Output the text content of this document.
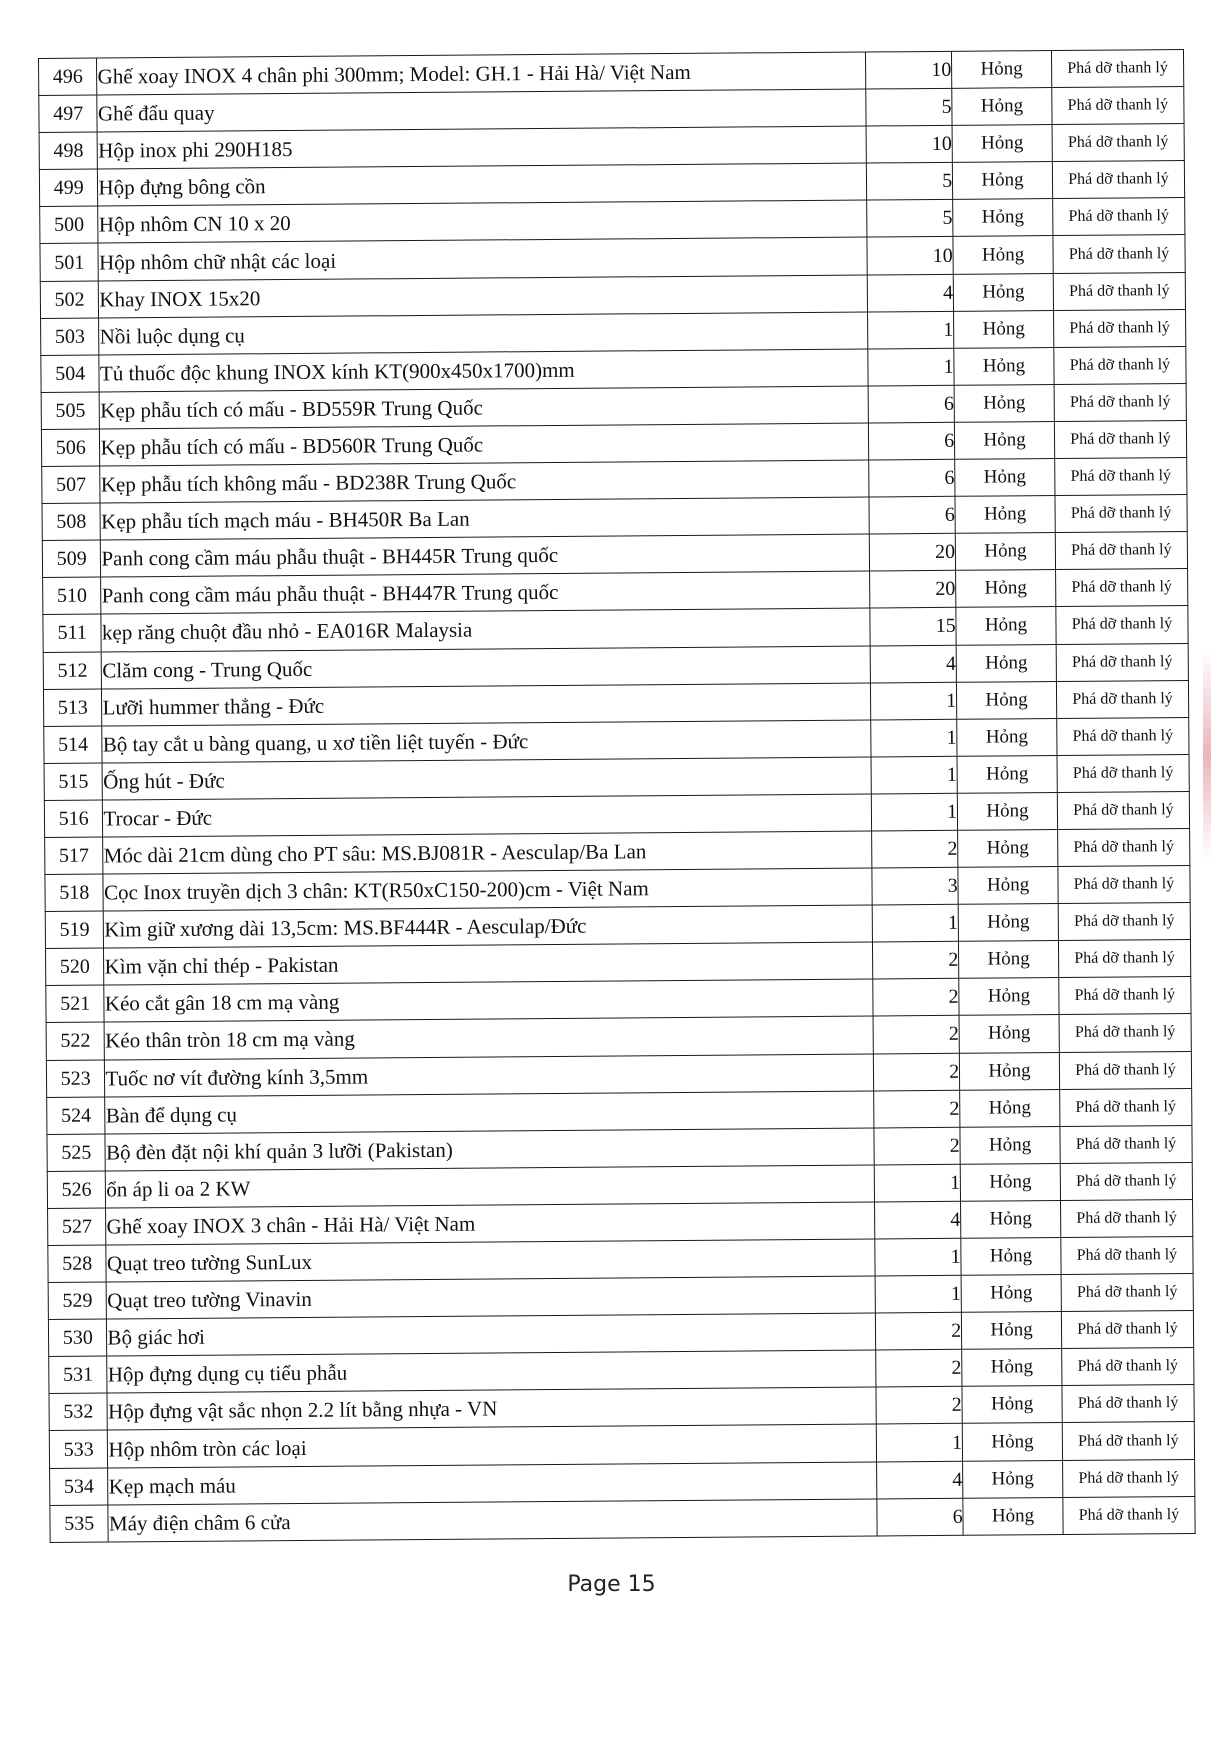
496	Ghế xoay INOX 4 chân phi 300mm; Model: GH.1 - Hải Hà/ Việt Nam	10	Hỏng	Phá dỡ thanh lý
497	Ghế đẩu quay	5	Hỏng	Phá dỡ thanh lý
498	Hộp inox phi 290H185	10	Hỏng	Phá dỡ thanh lý
499	Hộp đựng bông cồn	5	Hỏng	Phá dỡ thanh lý
500	Hộp nhôm CN 10 x 20	5	Hỏng	Phá dỡ thanh lý
501	Hộp nhôm chữ nhật các loại	10	Hỏng	Phá dỡ thanh lý
502	Khay INOX 15x20	4	Hỏng	Phá dỡ thanh lý
503	Nồi luộc dụng cụ	1	Hỏng	Phá dỡ thanh lý
504	Tủ thuốc độc khung INOX kính KT(900x450x1700)mm	1	Hỏng	Phá dỡ thanh lý
505	Kẹp phẫu tích có mấu - BD559R Trung Quốc	6	Hỏng	Phá dỡ thanh lý
506	Kẹp phẫu tích có mấu - BD560R Trung Quốc	6	Hỏng	Phá dỡ thanh lý
507	Kẹp phẫu tích không mấu - BD238R Trung Quốc	6	Hỏng	Phá dỡ thanh lý
508	Kẹp phẫu tích mạch máu - BH450R Ba Lan	6	Hỏng	Phá dỡ thanh lý
509	Panh cong cầm máu phẫu thuật - BH445R Trung quốc	20	Hỏng	Phá dỡ thanh lý
510	Panh cong cầm máu phẫu thuật - BH447R Trung quốc	20	Hỏng	Phá dỡ thanh lý
511	kẹp răng chuột đầu nhỏ - EA016R Malaysia	15	Hỏng	Phá dỡ thanh lý
512	Clăm cong - Trung Quốc	4	Hỏng	Phá dỡ thanh lý
513	Lưỡi hummer thẳng - Đức	1	Hỏng	Phá dỡ thanh lý
514	Bộ tay cắt u bàng quang, u xơ tiền liệt tuyến - Đức	1	Hỏng	Phá dỡ thanh lý
515	Ống hút - Đức	1	Hỏng	Phá dỡ thanh lý
516	Trocar - Đức	1	Hỏng	Phá dỡ thanh lý
517	Móc dài 21cm dùng cho PT sâu: MS.BJ081R - Aesculap/Ba Lan	2	Hỏng	Phá dỡ thanh lý
518	Cọc Inox truyền dịch 3 chân: KT(R50xC150-200)cm - Việt Nam	3	Hỏng	Phá dỡ thanh lý
519	Kìm giữ xương dài 13,5cm: MS.BF444R - Aesculap/Đức	1	Hỏng	Phá dỡ thanh lý
520	Kìm vặn chỉ thép - Pakistan	2	Hỏng	Phá dỡ thanh lý
521	Kéo cắt gân 18 cm mạ vàng	2	Hỏng	Phá dỡ thanh lý
522	Kéo thân tròn 18 cm mạ vàng	2	Hỏng	Phá dỡ thanh lý
523	Tuốc nơ vít đường kính 3,5mm	2	Hỏng	Phá dỡ thanh lý
524	Bàn để dụng cụ	2	Hỏng	Phá dỡ thanh lý
525	Bộ đèn đặt nội khí quản 3 lưỡi (Pakistan)	2	Hỏng	Phá dỡ thanh lý
526	ổn áp li oa 2 KW	1	Hỏng	Phá dỡ thanh lý
527	Ghế xoay INOX 3 chân - Hải Hà/ Việt Nam	4	Hỏng	Phá dỡ thanh lý
528	Quạt treo tường SunLux	1	Hỏng	Phá dỡ thanh lý
529	Quạt treo tường Vinavin	1	Hỏng	Phá dỡ thanh lý
530	Bộ giác hơi	2	Hỏng	Phá dỡ thanh lý
531	Hộp đựng dụng cụ tiểu phẫu	2	Hỏng	Phá dỡ thanh lý
532	Hộp đựng vật sắc nhọn 2.2 lít bằng nhựa - VN	2	Hỏng	Phá dỡ thanh lý
533	Hộp nhôm tròn các loại	1	Hỏng	Phá dỡ thanh lý
534	Kẹp mạch máu	4	Hỏng	Phá dỡ thanh lý
535	Máy điện châm 6 cửa	6	Hỏng	Phá dỡ thanh lý
Page 15
